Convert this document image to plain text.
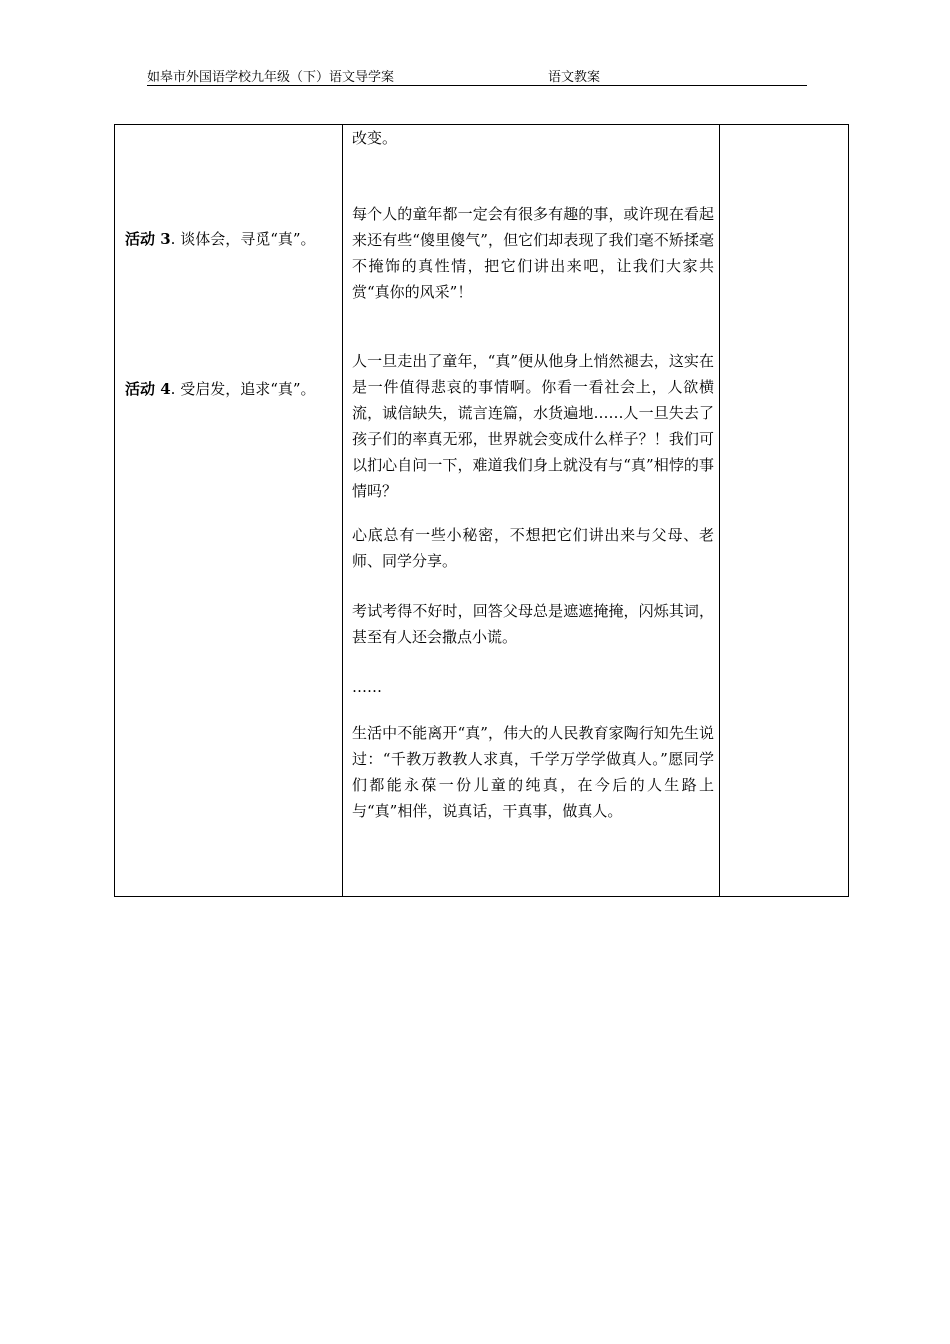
如皋市外国语学校九年级（下）语文导学案	语文教案
活动 3. 谈体会，寻觅“真”。
活动 4. 受启发，追求“真”。

改变。

每个人的童年都一定会有很多有趣的事，或许现在看起来还有些“傻里傻气”，但它们却表现了我们毫不矫揉毫不掩饰的真性情，把它们讲出来吧，让我们大家共赏“真你的风采”！

人一旦走出了童年，“真”便从他身上悄然褪去，这实在是一件值得悲哀的事情啊。你看一看社会上，人欲横流，诚信缺失，谎言连篇，水货遍地……人一旦失去了孩子们的率真无邪，世界就会变成什么样子？！我们可以扪心自问一下，难道我们身上就没有与“真”相悖的事情吗？

心底总有一些小秘密，不想把它们讲出来与父母、老师、同学分享。

考试考得不好时，回答父母总是遮遮掩掩，闪烁其词，甚至有人还会撒点小谎。

……

生活中不能离开“真”，伟大的人民教育家陶行知先生说过：“千教万教教人求真，千学万学学做真人。”愿同学们都能永葆一份儿童的纯真，在今后的人生路上与“真”相伴，说真话，干真事，做真人。
